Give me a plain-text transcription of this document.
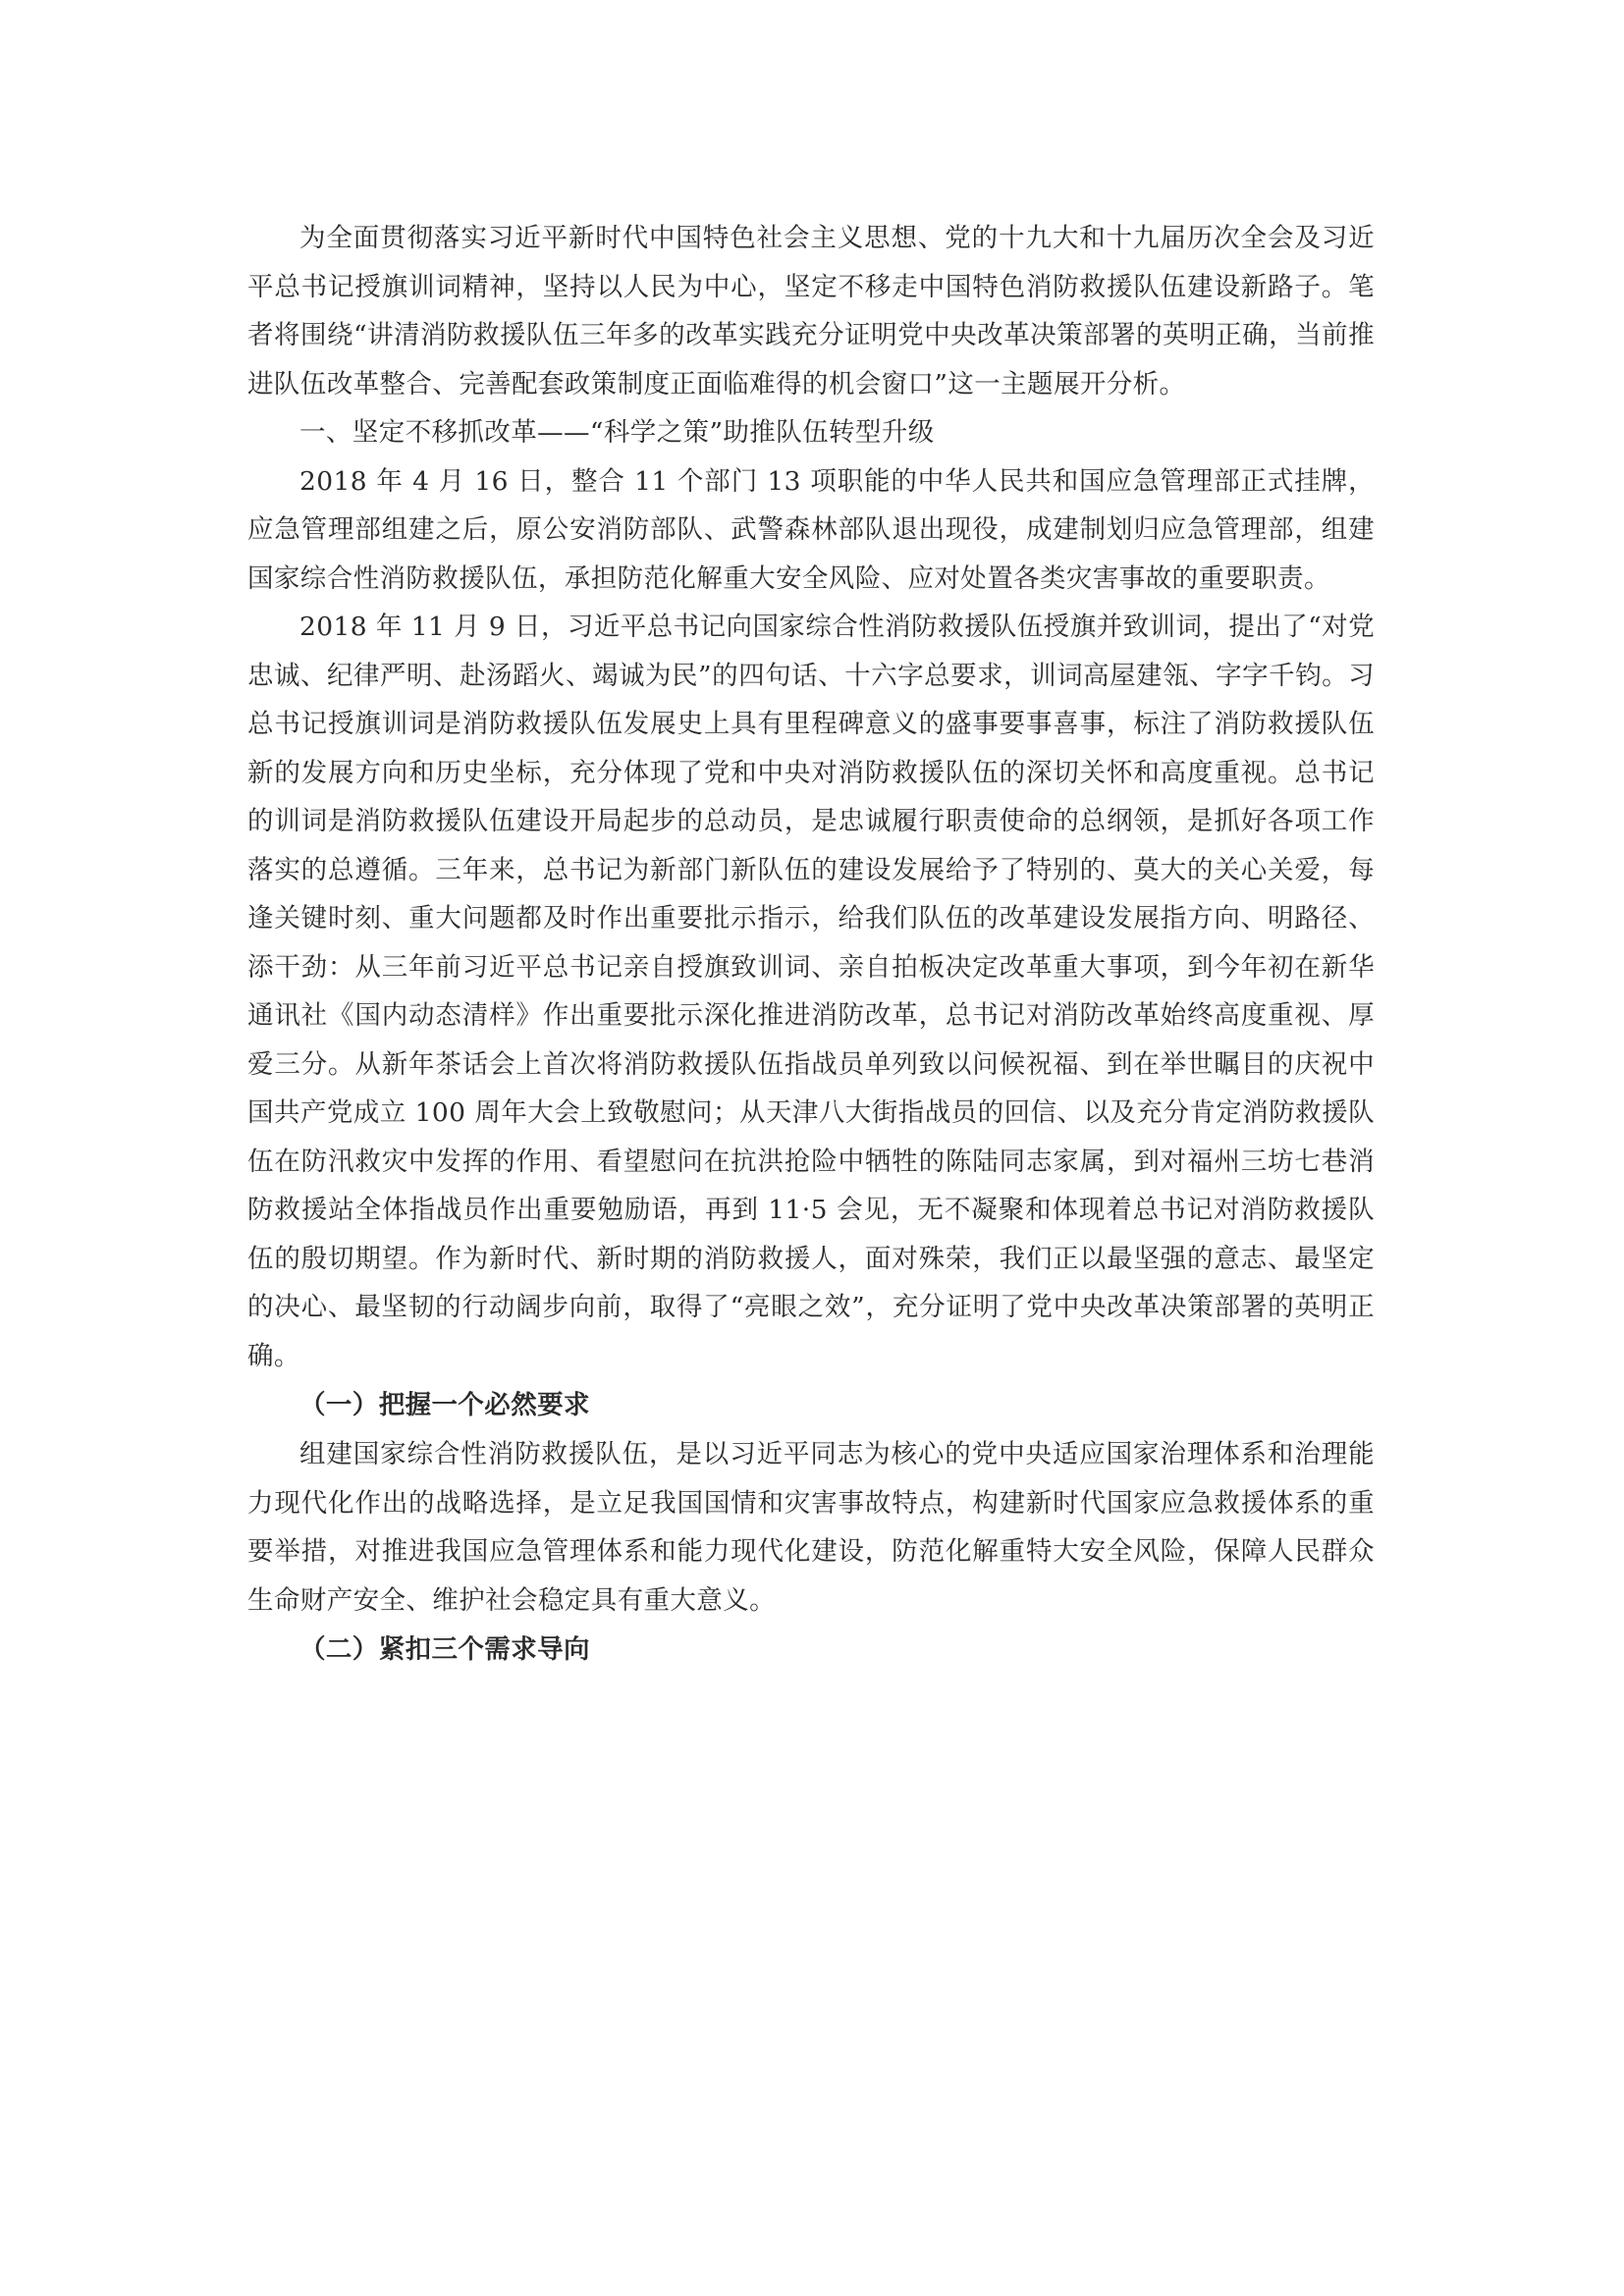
为全面贯彻落实习近平新时代中国特色社会主义思想、党的十九大和十九届历次全会及习近平总书记授旗训词精神，坚持以人民为中心，坚定不移走中国特色消防救援队伍建设新路子。笔者将围绕“讲清消防救援队伍三年多的改革实践充分证明党中央改革决策部署的英明正确，当前推进队伍改革整合、完善配套政策制度正面临难得的机会窗口”这一主题展开分析。

一、坚定不移抓改革——“科学之策”助推队伍转型升级

2018 年 4 月 16 日，整合 11 个部门 13 项职能的中华人民共和国应急管理部正式挂牌，应急管理部组建之后，原公安消防部队、武警森林部队退出现役，成建制划归应急管理部，组建国家综合性消防救援队伍，承担防范化解重大安全风险、应对处置各类灾害事故的重要职责。

2018 年 11 月 9 日，习近平总书记向国家综合性消防救援队伍授旗并致训词，提出了“对党忠诚、纪律严明、赴汤蹈火、竭诚为民”的四句话、十六字总要求，训词高屋建瓴、字字千钧。习总书记授旗训词是消防救援队伍发展史上具有里程碑意义的盛事要事喜事，标注了消防救援队伍新的发展方向和历史坐标，充分体现了党和中央对消防救援队伍的深切关怀和高度重视。总书记的训词是消防救援队伍建设开局起步的总动员，是忠诚履行职责使命的总纲领，是抓好各项工作落实的总遵循。三年来，总书记为新部门新队伍的建设发展给予了特别的、莫大的关心关爱，每逢关键时刻、重大问题都及时作出重要批示指示，给我们队伍的改革建设发展指方向、明路径、添干劲：从三年前习近平总书记亲自授旗致训词、亲自拍板决定改革重大事项，到今年初在新华通讯社《国内动态清样》作出重要批示深化推进消防改革，总书记对消防改革始终高度重视、厚爱三分。从新年茶话会上首次将消防救援队伍指战员单列致以问候祝福、到在举世瞩目的庆祝中国共产党成立 100 周年大会上致敬慰问；从天津八大街指战员的回信、以及充分肯定消防救援队伍在防汛救灾中发挥的作用、看望慰问在抗洪抢险中牺牲的陈陆同志家属，到对福州三坊七巷消防救援站全体指战员作出重要勉励语，再到 11·5 会见，无不凝聚和体现着总书记对消防救援队伍的殷切期望。作为新时代、新时期的消防救援人，面对殊荣，我们正以最坚强的意志、最坚定的决心、最坚韧的行动阔步向前，取得了“亮眼之效”，充分证明了党中央改革决策部署的英明正确。

（一）把握一个必然要求

组建国家综合性消防救援队伍，是以习近平同志为核心的党中央适应国家治理体系和治理能力现代化作出的战略选择，是立足我国国情和灾害事故特点，构建新时代国家应急救援体系的重要举措，对推进我国应急管理体系和能力现代化建设，防范化解重特大安全风险，保障人民群众生命财产安全、维护社会稳定具有重大意义。

（二）紧扣三个需求导向
